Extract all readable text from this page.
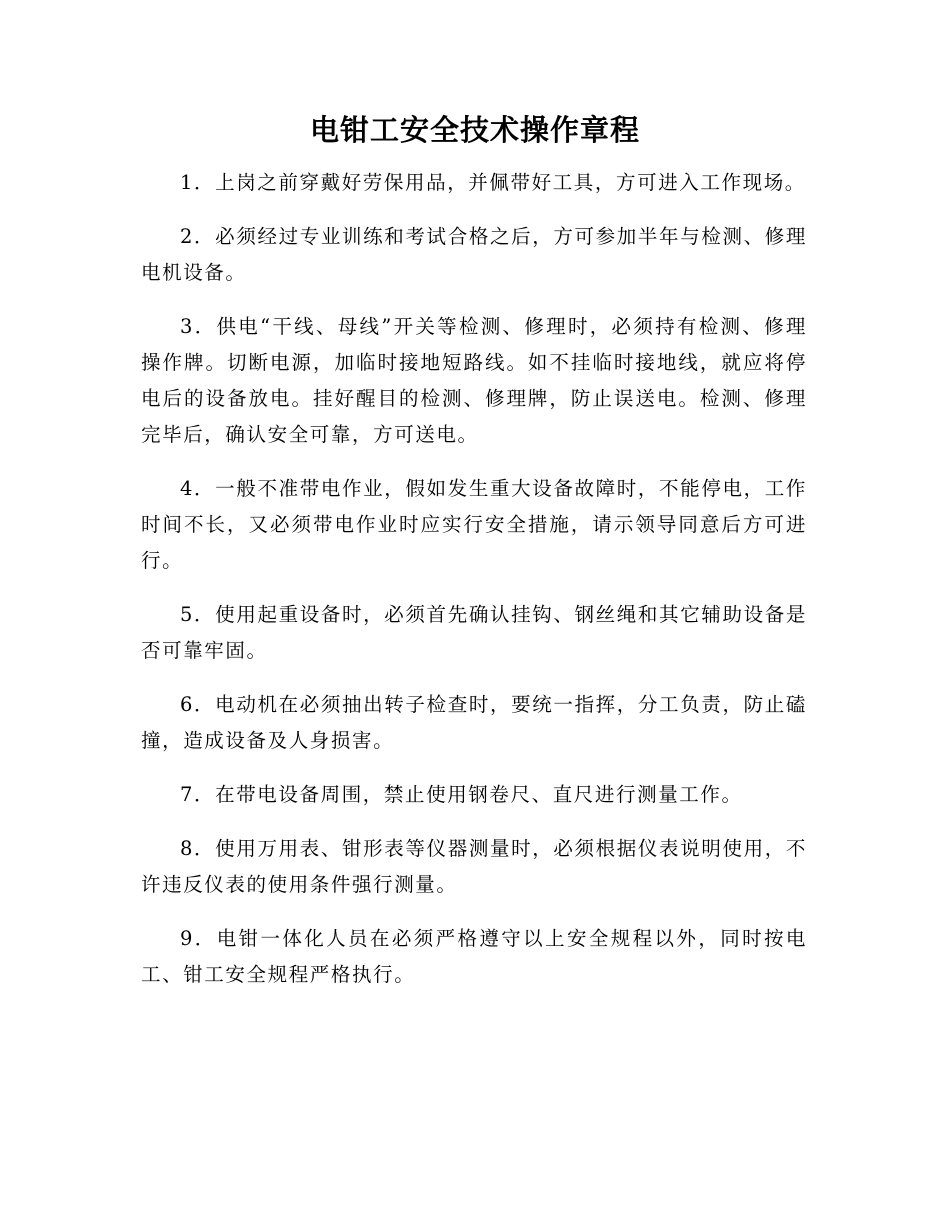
电钳工安全技术操作章程

1．上岗之前穿戴好劳保用品，并佩带好工具，方可进入工作现场。

2．必须经过专业训练和考试合格之后，方可参加半年与检测、修理电机设备。

3．供电“干线、母线”开关等检测、修理时，必须持有检测、修理操作牌。切断电源，加临时接地短路线。如不挂临时接地线，就应将停电后的设备放电。挂好醒目的检测、修理牌，防止误送电。检测、修理完毕后，确认安全可靠，方可送电。

4．一般不准带电作业，假如发生重大设备故障时，不能停电，工作时间不长，又必须带电作业时应实行安全措施，请示领导同意后方可进行。

5．使用起重设备时，必须首先确认挂钩、钢丝绳和其它辅助设备是否可靠牢固。

6．电动机在必须抽出转子检查时，要统一指挥，分工负责，防止磕撞，造成设备及人身损害。

7．在带电设备周围，禁止使用钢卷尺、直尺进行测量工作。

8．使用万用表、钳形表等仪器测量时，必须根据仪表说明使用，不许违反仪表的使用条件强行测量。

9．电钳一体化人员在必须严格遵守以上安全规程以外，同时按电工、钳工安全规程严格执行。
